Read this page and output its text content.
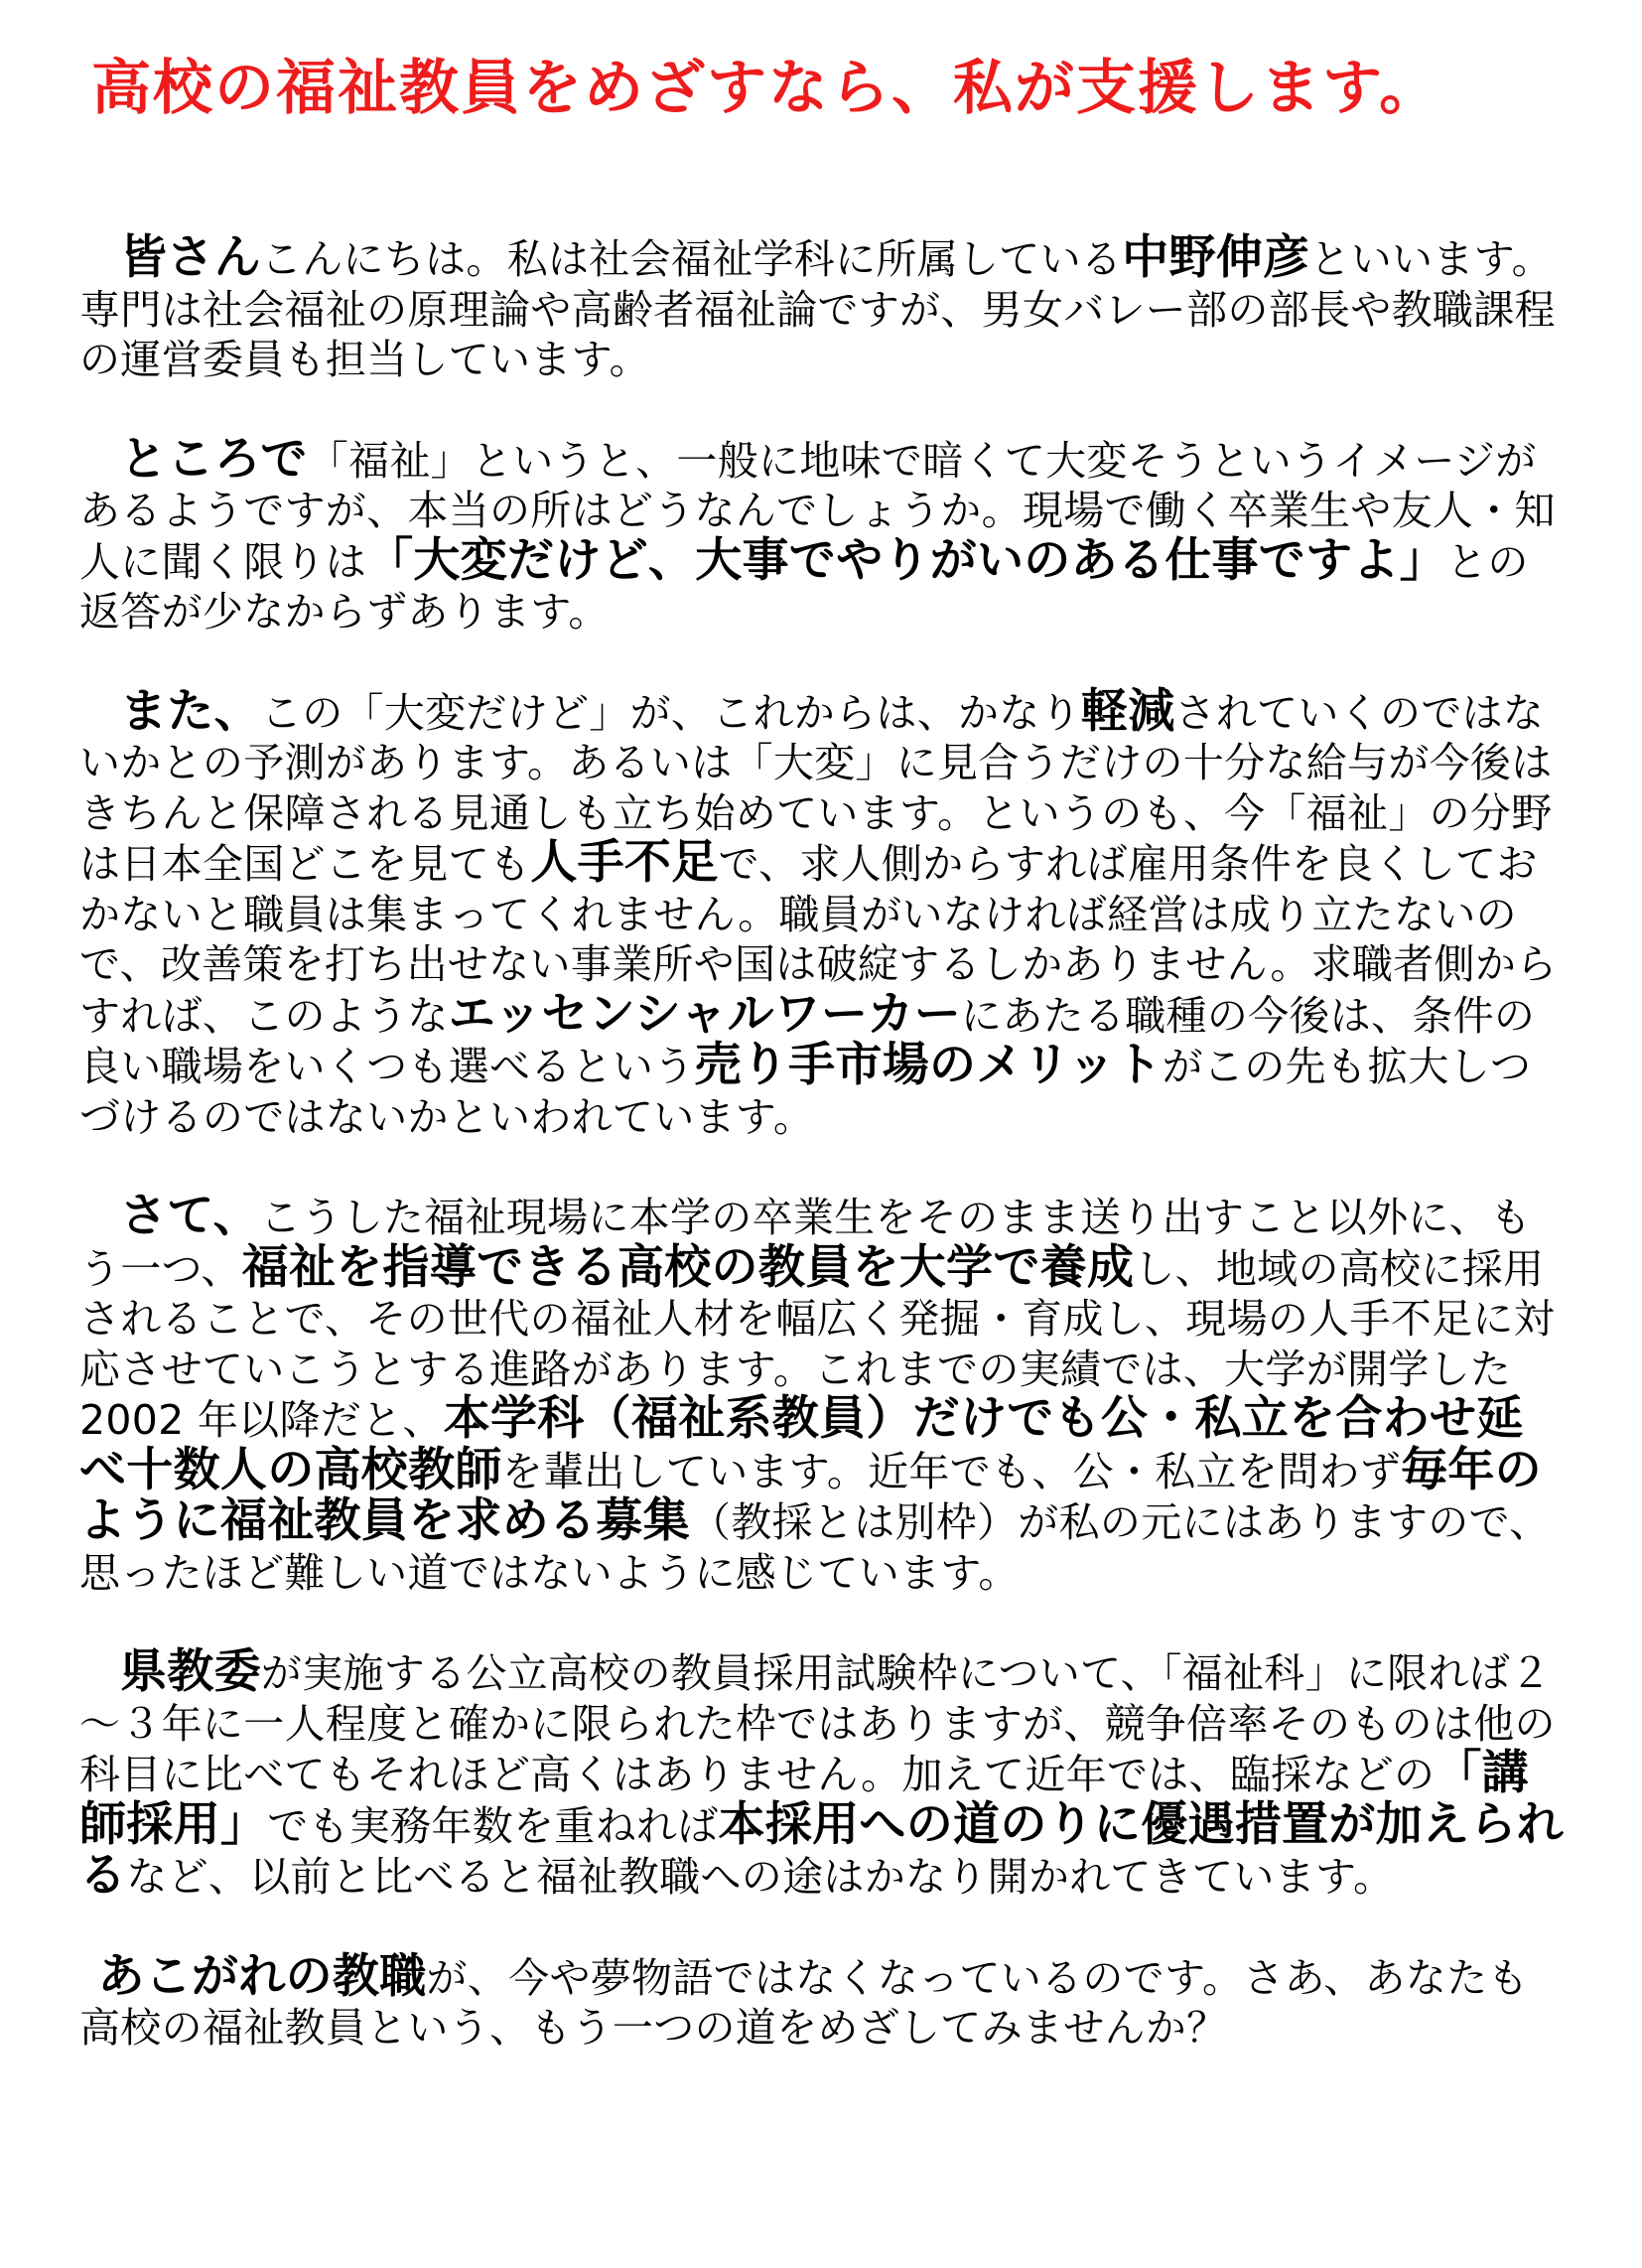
高校の福祉教員をめざすなら、私が支援します。

皆さんこんにちは。私は社会福祉学科に所属している中野伸彦といいます。専門は社会福祉の原理論や高齢者福祉論ですが、男女バレー部の部長や教職課程の運営委員も担当しています。

ところで「福祉」というと、一般に地味で暗くて大変そうというイメージがあるようですが、本当の所はどうなんでしょうか。現場で働く卒業生や友人・知人に聞く限りは「大変だけど、大事でやりがいのある仕事ですよ」との返答が少なからずあります。

また、この「大変だけど」が、これからは、かなり軽減されていくのではないかとの予測があります。あるいは「大変」に見合うだけの十分な給与が今後はきちんと保障される見通しも立ち始めています。というのも、今「福祉」の分野は日本全国どこを見ても人手不足で、求人側からすれば雇用条件を良くしておかないと職員は集まってくれません。職員がいなければ経営は成り立たないので、改善策を打ち出せない事業所や国は破綻するしかありません。求職者側からすれば、このようなエッセンシャルワーカーにあたる職種の今後は、条件の良い職場をいくつも選べるという売り手市場のメリットがこの先も拡大しつづけるのではないかといわれています。

さて、こうした福祉現場に本学の卒業生をそのまま送り出すこと以外に、もう一つ、福祉を指導できる高校の教員を大学で養成し、地域の高校に採用されることで、その世代の福祉人材を幅広く発掘・育成し、現場の人手不足に対応させていこうとする進路があります。これまでの実績では、大学が開学した 2002 年以降だと、本学科（福祉系教員）だけでも公・私立を合わせ延べ十数人の高校教師を輩出しています。近年でも、公・私立を問わず毎年のように福祉教員を求める募集（教採とは別枠）が私の元にはありますので、思ったほど難しい道ではないように感じています。

県教委が実施する公立高校の教員採用試験枠について、「福祉科」に限れば２～３年に一人程度と確かに限られた枠ではありますが、競争倍率そのものは他の科目に比べてもそれほど高くはありません。加えて近年では、臨採などの「講師採用」でも実務年数を重ねれば本採用への道のりに優遇措置が加えられるなど、以前と比べると福祉教職への途はかなり開かれてきています。

あこがれの教職が、今や夢物語ではなくなっているのです。さあ、あなたも高校の福祉教員という、もう一つの道をめざしてみませんか？
